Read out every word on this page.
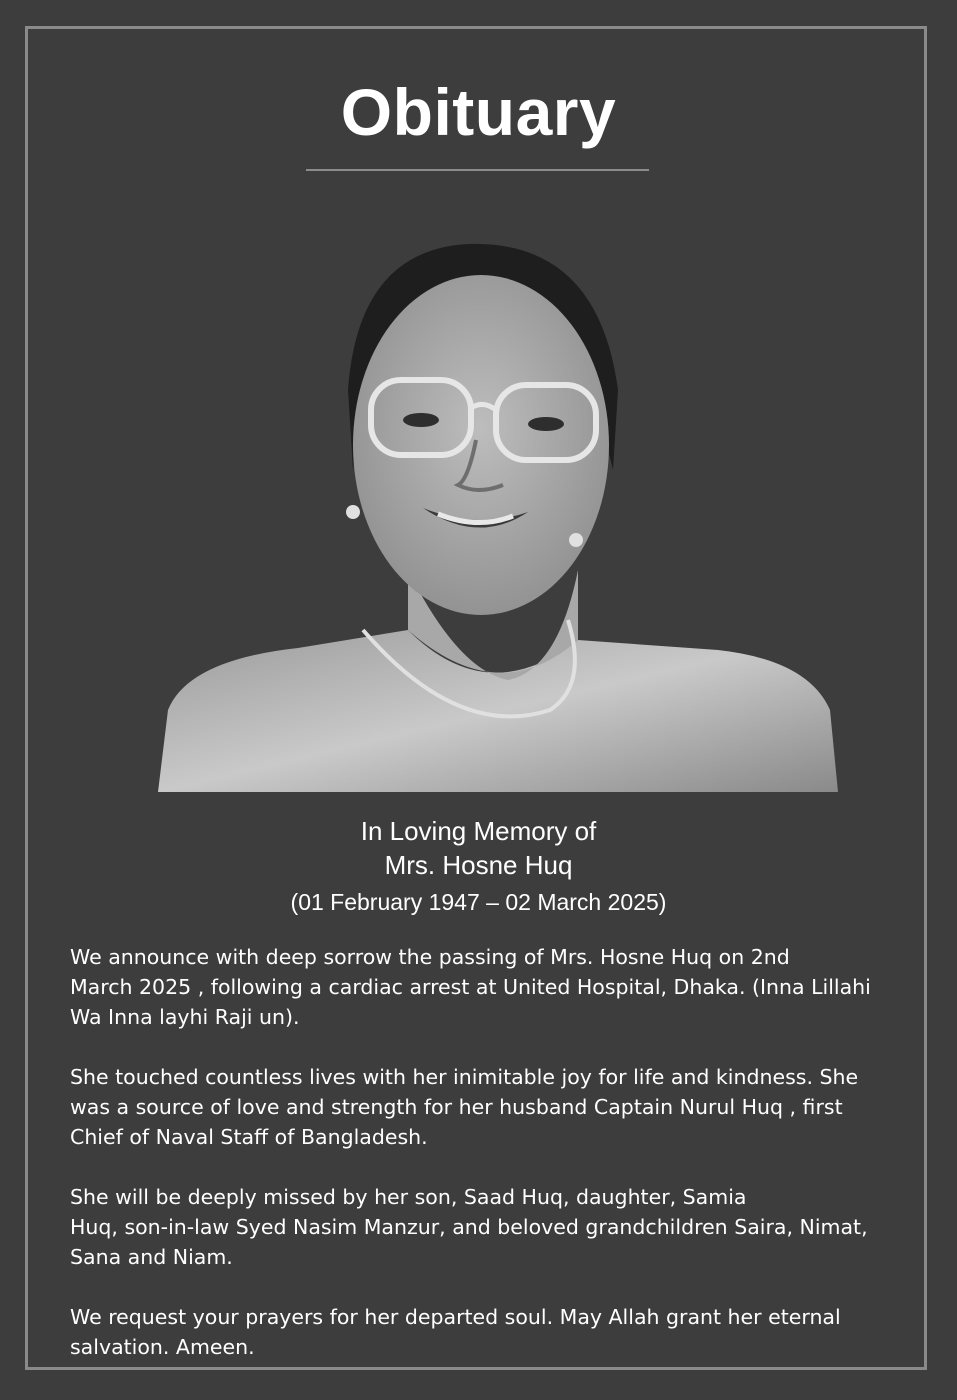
Obituary
In Loving Memory of
Mrs. Hosne Huq
(01 February 1947 – 02 March 2025)

We announce with deep sorrow the passing of Mrs. Hosne Huq on 2nd
March 2025 , following a cardiac arrest at United Hospital, Dhaka. (Inna Lillahi
Wa Inna layhi Raji un).

She touched countless lives with her inimitable joy for life and kindness. She
was a source of love and strength for her husband Captain Nurul Huq , first
Chief of Naval Staff of Bangladesh.

She will be deeply missed by her son, Saad Huq, daughter, Samia
Huq, son-in-law Syed Nasim Manzur, and beloved grandchildren Saira, Nimat,
Sana and Niam.

We request your prayers for her departed soul. May Allah grant her eternal
salvation. Ameen.
